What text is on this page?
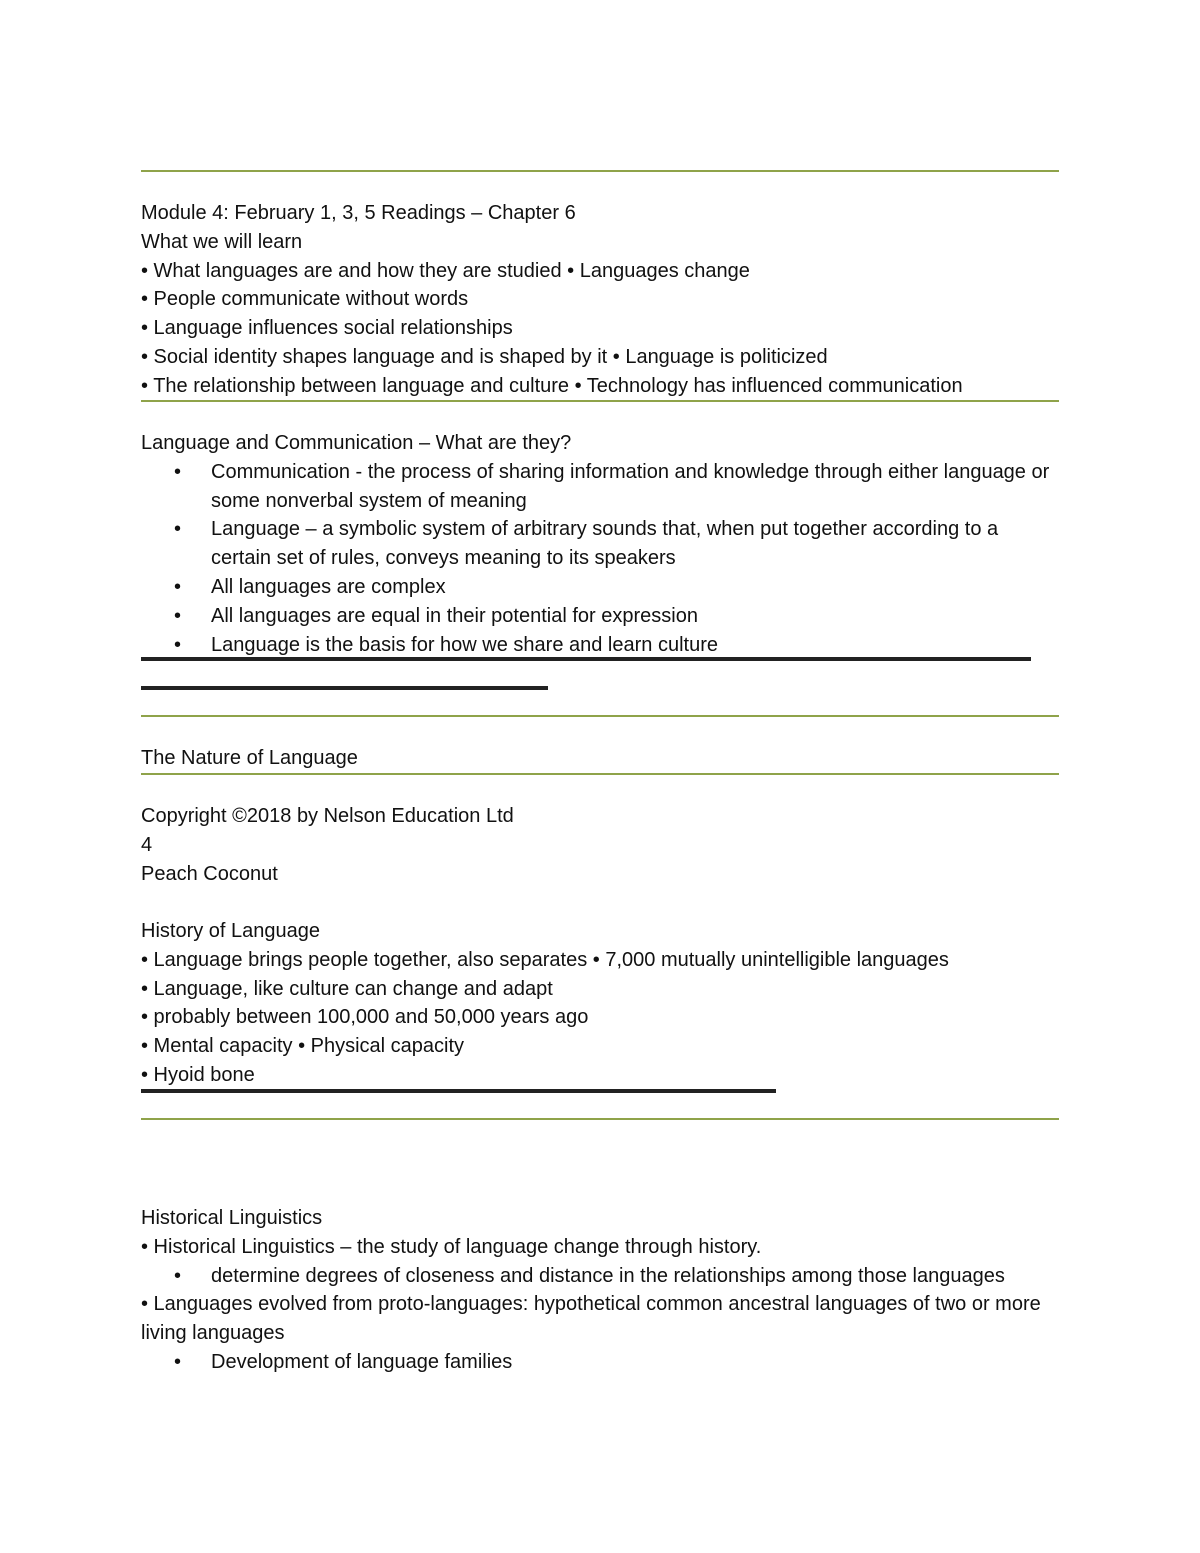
Module 4: February 1, 3, 5 Readings – Chapter 6
What we will learn
• What languages are and how they are studied • Languages change
• People communicate without words
• Language influences social relationships
• Social identity shapes language and is shaped by it • Language is politicized
• The relationship between language and culture • Technology has influenced communication
Language and Communication – What are they?
• Communication - the process of sharing information and knowledge through either language or some nonverbal system of meaning
• Language – a symbolic system of arbitrary sounds that, when put together according to a certain set of rules, conveys meaning to its speakers
• All languages are complex
• All languages are equal in their potential for expression
• Language is the basis for how we share and learn culture
The Nature of Language
Copyright ©2018 by Nelson Education Ltd
4
Peach Coconut
History of Language
• Language brings people together, also separates • 7,000 mutually unintelligible languages
• Language, like culture can change and adapt
• probably between 100,000 and 50,000 years ago
• Mental capacity • Physical capacity
• Hyoid bone
Historical Linguistics
• Historical Linguistics – the study of language change through history.
• determine degrees of closeness and distance in the relationships among those languages
• Languages evolved from proto-languages: hypothetical common ancestral languages of two or more living languages
• Development of language families
